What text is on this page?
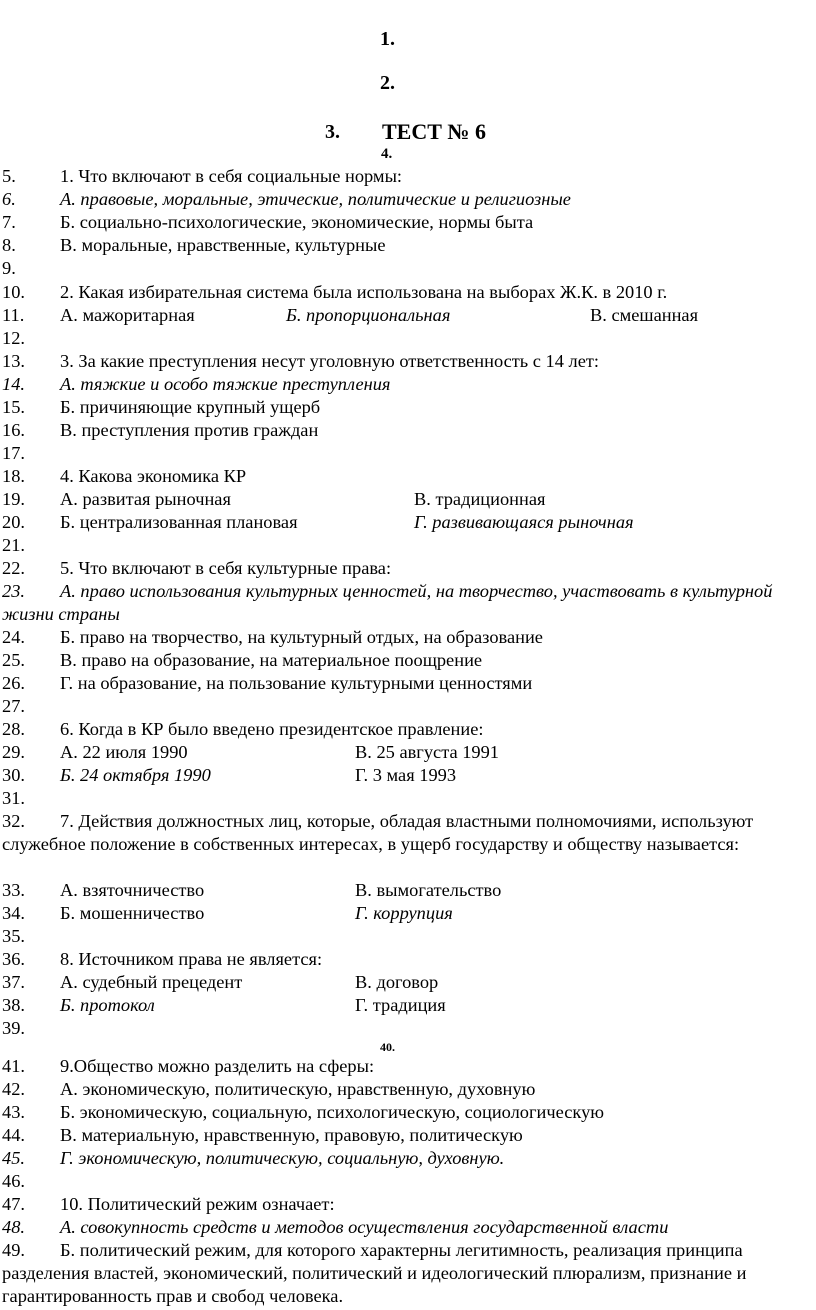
1.
2.
3. ТЕСТ № 6
4.
5. 1. Что включают в себя социальные нормы:
6. А. правовые, моральные, этические, политические и религиозные
7. Б. социально-психологические, экономические, нормы быта
8. В. моральные, нравственные, культурные
9.
10. 2. Какая избирательная система была использована на выборах Ж.К. в 2010 г.
11. А. мажоритарная	Б. пропорциональная	В. смешанная
12.
13. 3. За какие преступления несут уголовную ответственность с 14 лет:
14. А. тяжкие и особо тяжкие преступления
15. Б. причиняющие крупный ущерб
16. В. преступления против граждан
17.
18. 4. Какова экономика КР
19. А. развитая рыночная	В. традиционная
20. Б. централизованная плановая	Г. развивающаяся рыночная
21.
22. 5. Что включают в себя культурные права:
23. А. право использования культурных ценностей, на творчество, участвовать в культурной жизни страны
24. Б. право на творчество, на культурный отдых, на образование
25. В. право на образование, на материальное поощрение
26. Г. на образование, на пользование культурными ценностями
27.
28. 6. Когда в КР было введено президентское правление:
29. А. 22 июля 1990	В. 25 августа 1991
30. Б. 24 октября 1990	Г. 3 мая 1993
31.
32. 7. Действия должностных лиц, которые, обладая властными полномочиями, используют служебное положение в собственных интересах, в ущерб государству и обществу называется:
33. А. взяточничество	В. вымогательство
34. Б. мошенничество	Г. коррупция
35.
36. 8. Источником права не является:
37. А. судебный прецедент	В. договор
38. Б. протокол	Г. традиция
39.
40.
41. 9.Общество можно разделить на сферы:
42. А. экономическую, политическую, нравственную, духовную
43. Б. экономическую, социальную, психологическую, социологическую
44. В. материальную, нравственную, правовую, политическую
45. Г. экономическую, политическую, социальную, духовную.
46.
47. 10. Политический режим означает:
48. А. совокупность средств и методов осуществления государственной власти
49. Б. политический режим, для которого характерны легитимность, реализация принципа разделения властей, экономический, политический и идеологический плюрализм, признание и гарантированность прав и свобод человека.
